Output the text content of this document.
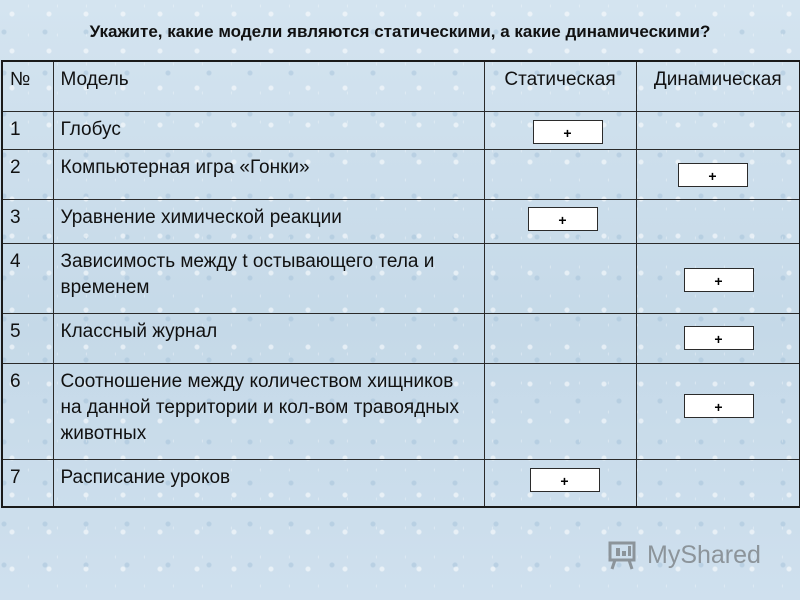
Укажите, какие модели являются статическими, а какие динамическими?
№	Модель	Статическая	Динамическая
1	Глобус	+	

2	Компьютерная игра «Гонки»		+

3	Уравнение химической реакции	+	

4	Зависимость между t остывающего тела и временем		+

5	Классный журнал		+

6	Соотношение между количеством хищников на данной территории и кол-вом травоядных животных		+

7	Расписание уроков	+	

MyShared
